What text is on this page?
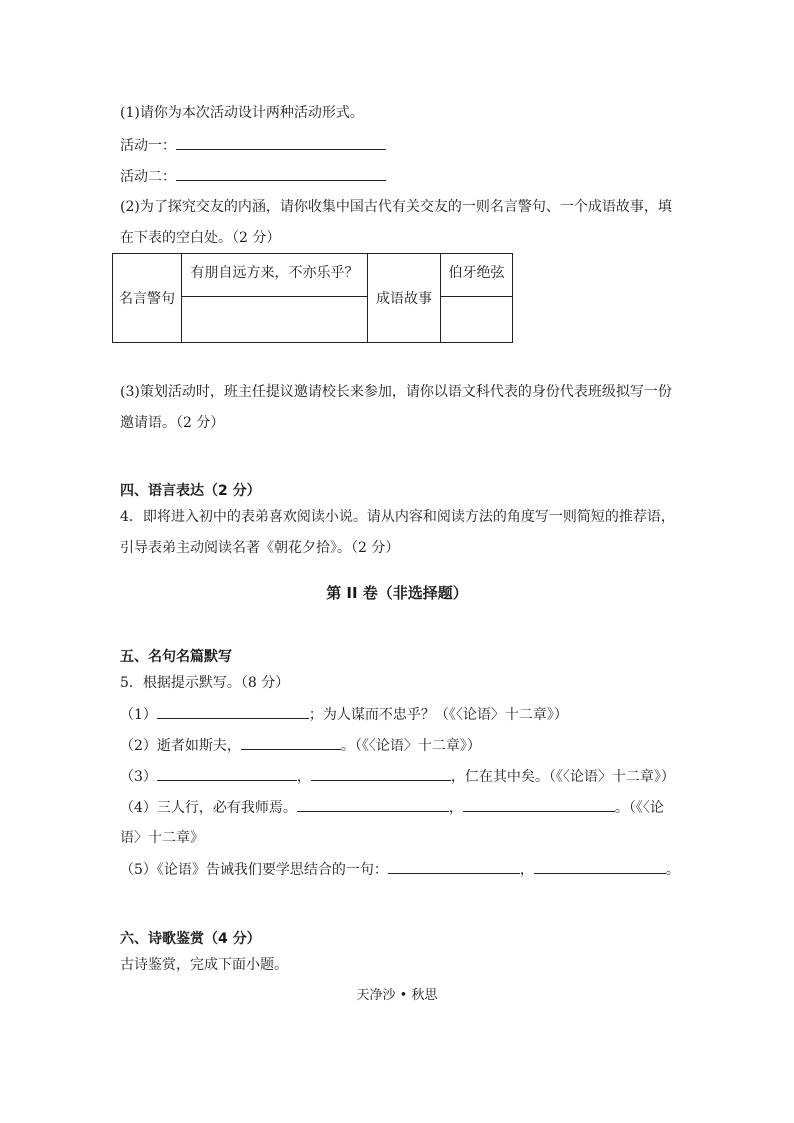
(1)请你为本次活动设计两种活动形式。
活动一：
活动二：
(2)为了探究交友的内涵，请你收集中国古代有关交友的一则名言警句、一个成语故事，填
在下表的空白处。（2 分）
名言警句	有朋自远方来，不亦乐乎？	成语故事	伯牙绝弦

(3)策划活动时，班主任提议邀请校长来参加，请你以语文科代表的身份代表班级拟写一份
邀请语。（2 分）
四、语言表达（2 分）
4．即将进入初中的表弟喜欢阅读小说。请从内容和阅读方法的角度写一则简短的推荐语，
引导表弟主动阅读名著《朝花夕拾》。（2 分）
第 II 卷（非选择题）
五、名句名篇默写
5．根据提示默写。（8 分）
（1）	；为人谋而不忠乎？（《〈论语〉十二章》）
（2）逝者如斯夫，	。（《〈论语〉十二章》）
（3）	，	，仁在其中矣。（《〈论语〉十二章》）
（4）三人行，必有我师焉。	，	。（《〈论
语〉十二章》
（5）《论语》告诫我们要学思结合的一句：	，	。
六、诗歌鉴赏（4 分）
古诗鉴赏，完成下面小题。
天净沙 • 秋思
